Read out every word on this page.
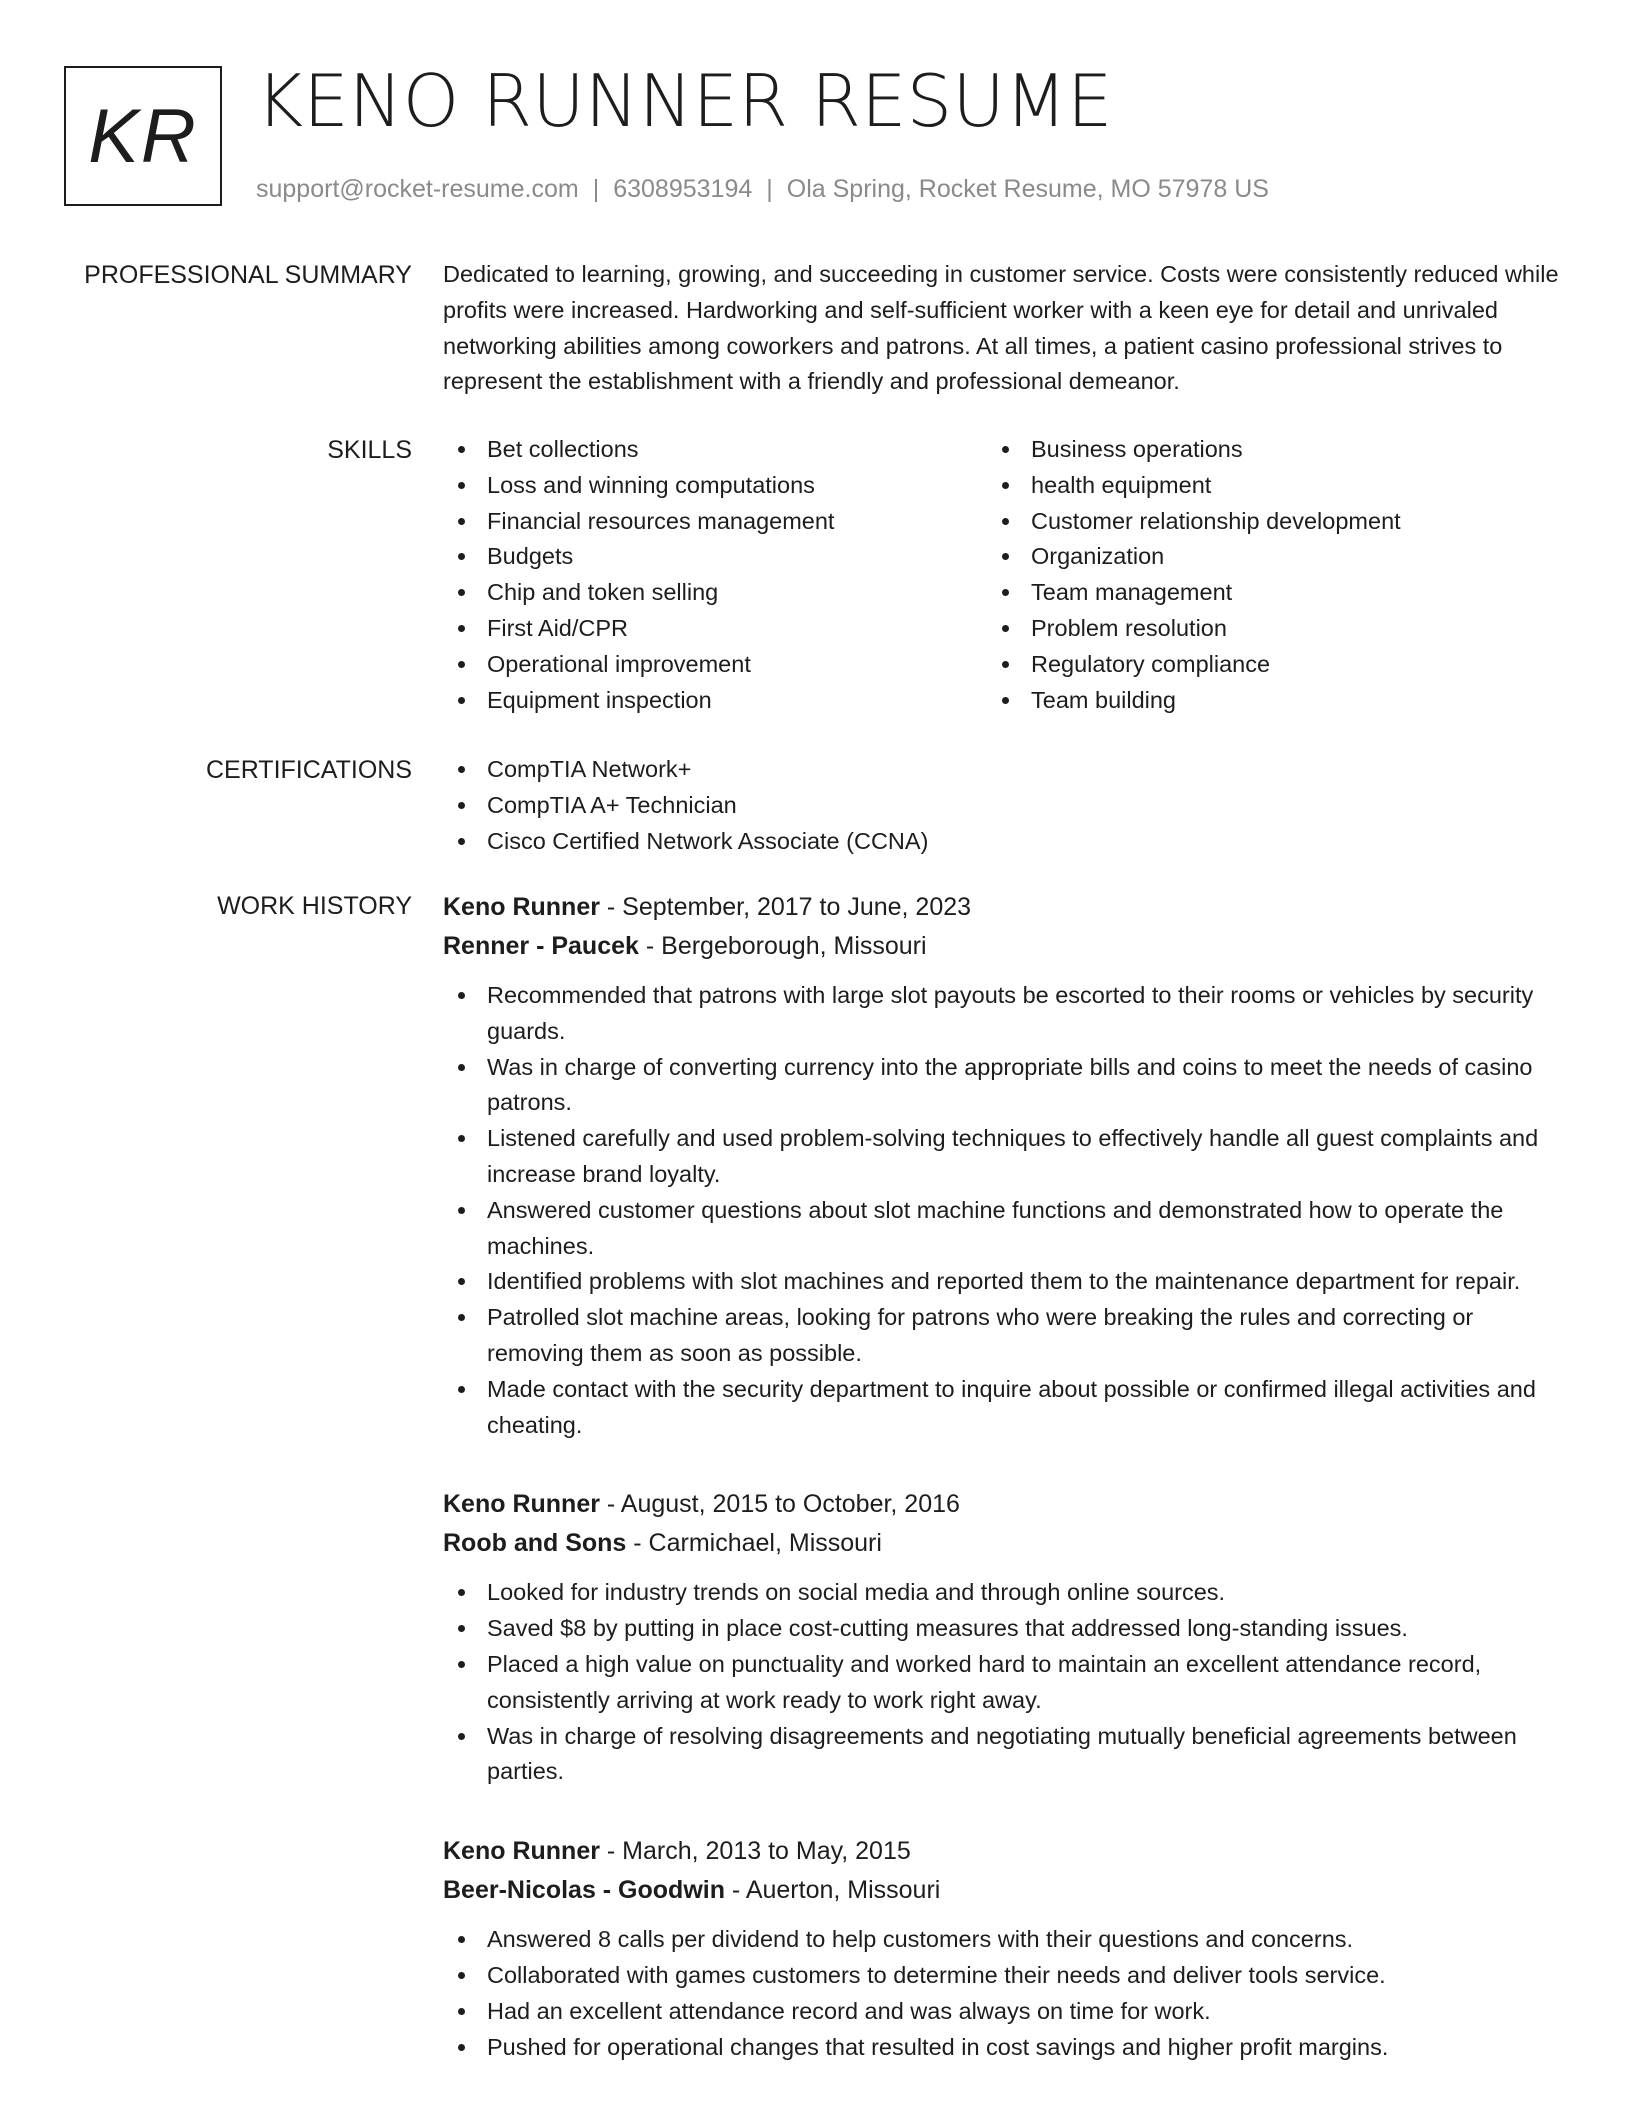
KR KENO RUNNER RESUME
support@rocket-resume.com | 6308953194 | Ola Spring, Rocket Resume, MO 57978 US
PROFESSIONAL SUMMARY Dedicated to learning, growing, and succeeding in customer service. Costs were consistently reduced while profits were increased. Hardworking and self-sufficient worker with a keen eye for detail and unrivaled networking abilities among coworkers and patrons. At all times, a patient casino professional strives to represent the establishment with a friendly and professional demeanor.

SKILLS	Bet collections
Loss and winning computations
Financial resources management
Budgets
Chip and token selling
First Aid/CPR
Operational improvement
Equipment inspection
Business operations
health equipment
Customer relationship development
Organization
Team management
Problem resolution
Regulatory compliance
Team building
CERTIFICATIONS	CompTIA Network+
CompTIA A+ Technician
Cisco Certified Network Associate (CCNA)
WORK HISTORY Keno Runner - September, 2017 to June, 2023
Renner - Paucek - Bergeborough, Missouri
Recommended that patrons with large slot payouts be escorted to their rooms or vehicles by security guards.
Was in charge of converting currency into the appropriate bills and coins to meet the needs of casino patrons.
Listened carefully and used problem-solving techniques to effectively handle all guest complaints and increase brand loyalty.
Answered customer questions about slot machine functions and demonstrated how to operate the machines.
Identified problems with slot machines and reported them to the maintenance department for repair.
Patrolled slot machine areas, looking for patrons who were breaking the rules and correcting or removing them as soon as possible.
Made contact with the security department to inquire about possible or confirmed illegal activities and cheating.
Keno Runner - August, 2015 to October, 2016
Roob and Sons - Carmichael, Missouri
Looked for industry trends on social media and through online sources.
Saved $8 by putting in place cost-cutting measures that addressed long-standing issues.
Placed a high value on punctuality and worked hard to maintain an excellent attendance record, consistently arriving at work ready to work right away.
Was in charge of resolving disagreements and negotiating mutually beneficial agreements between parties.
Keno Runner - March, 2013 to May, 2015
Beer-Nicolas - Goodwin - Auerton, Missouri
Answered 8 calls per dividend to help customers with their questions and concerns.
Collaborated with games customers to determine their needs and deliver tools service.
Had an excellent attendance record and was always on time for work.
Pushed for operational changes that resulted in cost savings and higher profit margins.
